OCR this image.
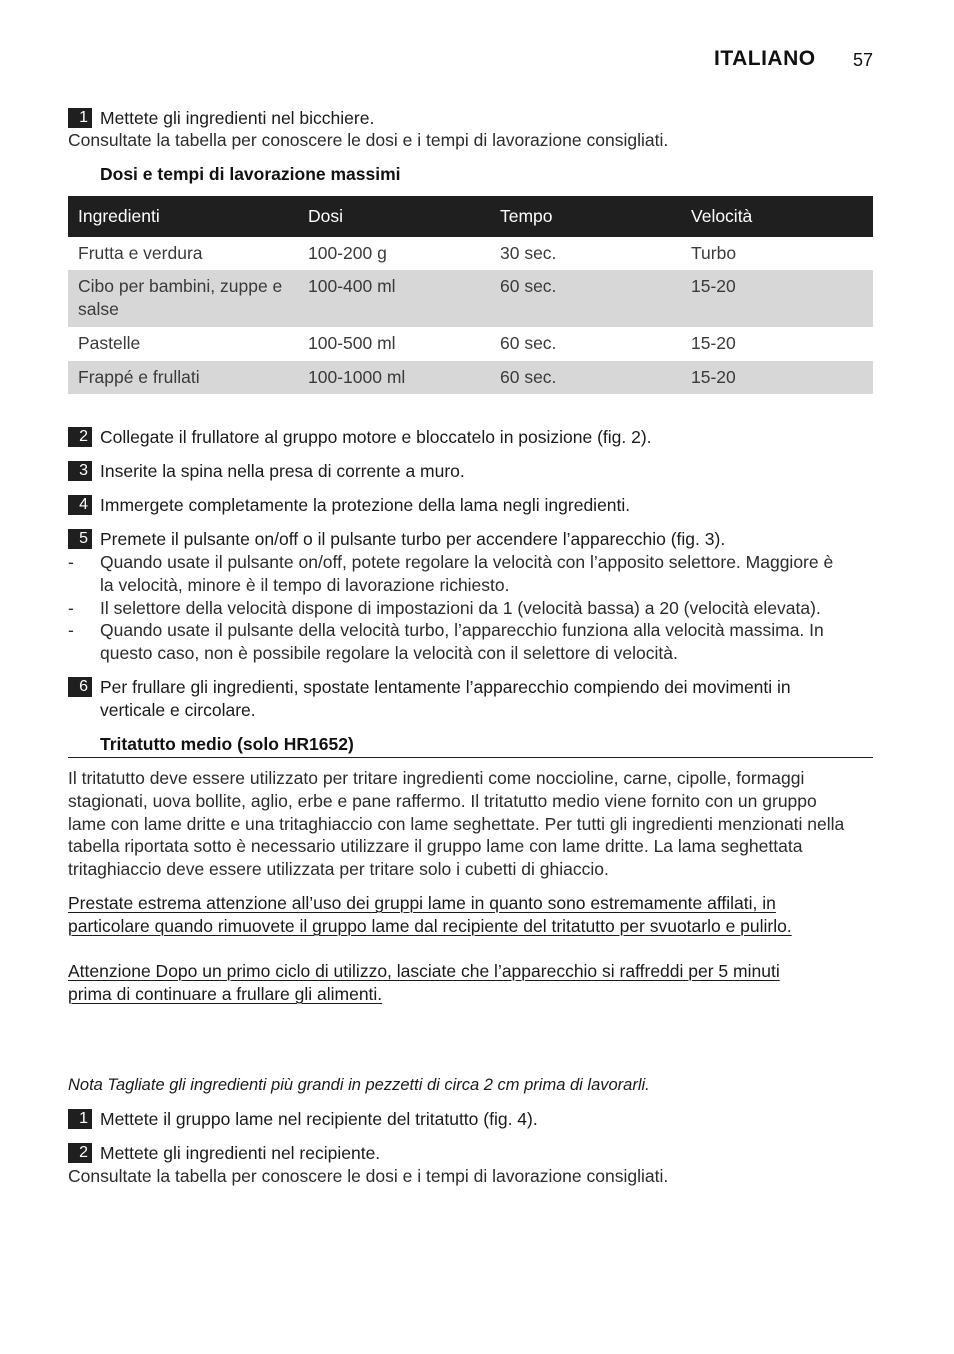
ITALIANO 57
1 Mettete gli ingredienti nel bicchiere.
Consultate la tabella per conoscere le dosi e i tempi di lavorazione consigliati.
Dosi e tempi di lavorazione massimi
Ingredienti	Dosi	Tempo	Velocità
Frutta e verdura	100-200 g	30 sec.	Turbo
Cibo per bambini, zuppe e salse	100-400 ml	60 sec.	15-20
Pastelle	100-500 ml	60 sec.	15-20
Frappé e frullati	100-1000 ml	60 sec.	15-20
2 Collegate il frullatore al gruppo motore e bloccatelo in posizione (fig. 2).
3 Inserite la spina nella presa di corrente a muro.
4 Immergete completamente la protezione della lama negli ingredienti.
5 Premete il pulsante on/off o il pulsante turbo per accendere l’apparecchio (fig. 3).
- Quando usate il pulsante on/off, potete regolare la velocità con l’apposito selettore. Maggiore è
la velocità, minore è il tempo di lavorazione richiesto.
- Il selettore della velocità dispone di impostazioni da 1 (velocità bassa) a 20 (velocità elevata).
- Quando usate il pulsante della velocità turbo, l’apparecchio funziona alla velocità massima. In
questo caso, non è possibile regolare la velocità con il selettore di velocità.
6 Per frullare gli ingredienti, spostate lentamente l’apparecchio compiendo dei movimenti in
verticale e circolare.
Tritatutto medio (solo HR1652)
Il tritatutto deve essere utilizzato per tritare ingredienti come noccioline, carne, cipolle, formaggi
stagionati, uova bollite, aglio, erbe e pane raffermo. Il tritatutto medio viene fornito con un gruppo
lame con lame dritte e una tritaghiaccio con lame seghettate. Per tutti gli ingredienti menzionati nella
tabella riportata sotto è necessario utilizzare il gruppo lame con lame dritte. La lama seghettata
tritaghiaccio deve essere utilizzata per tritare solo i cubetti di ghiaccio.
Prestate estrema attenzione all’uso dei gruppi lame in quanto sono estremamente affilati, in
particolare quando rimuovete il gruppo lame dal recipiente del tritatutto per svuotarlo e pulirlo.
Attenzione Dopo un primo ciclo di utilizzo, lasciate che l’apparecchio si raffreddi per 5 minuti
prima di continuare a frullare gli alimenti.
Nota Tagliate gli ingredienti più grandi in pezzetti di circa 2 cm prima di lavorarli.
1 Mettete il gruppo lame nel recipiente del tritatutto (fig. 4).
2 Mettete gli ingredienti nel recipiente.
Consultate la tabella per conoscere le dosi e i tempi di lavorazione consigliati.
